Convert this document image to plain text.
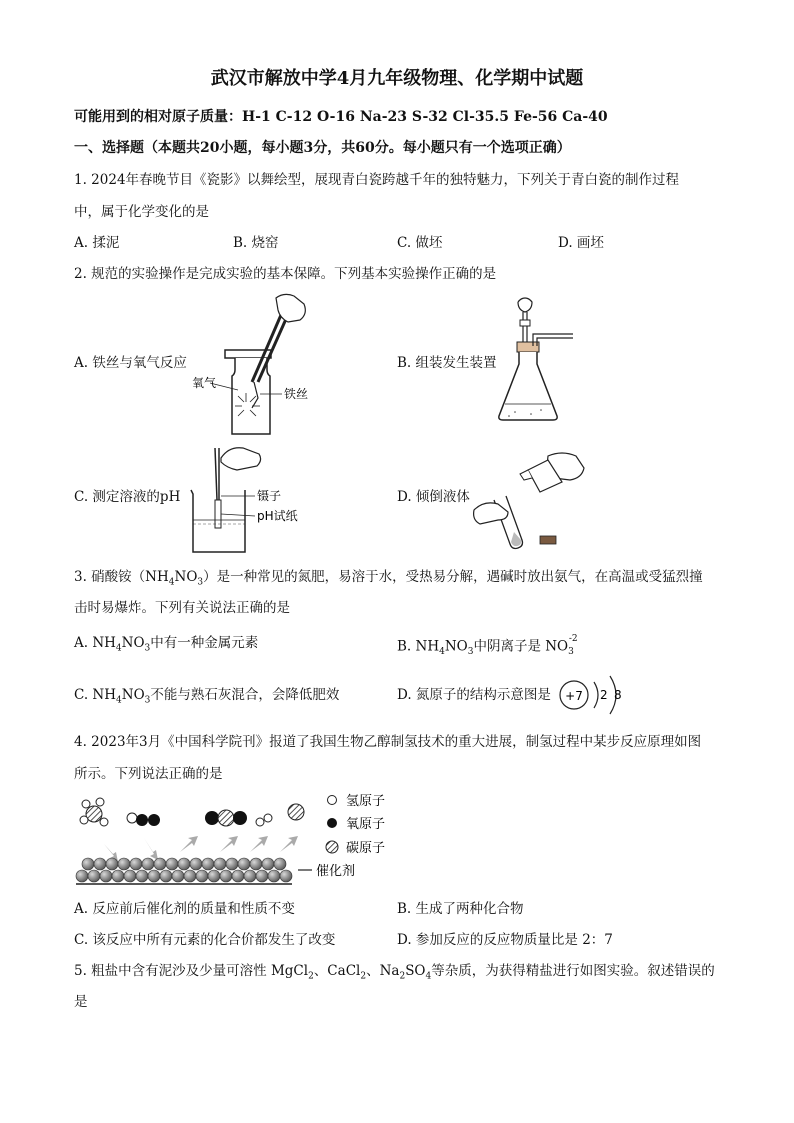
武汉市解放中学4月九年级物理、化学期中试题
可能用到的相对原子质量：H-1 C-12 O-16 Na-23 S-32 Cl-35.5 Fe-56 Ca-40
一、选择题（本题共20小题，每小题3分，共60分。每小题只有一个选项正确）
1. 2024年春晚节目《瓷影》以舞绘型，展现青白瓷跨越千年的独特魅力，下列关于青白瓷的制作过程
中，属于化学变化的是
A. 揉泥	B. 烧窑	C. 做坯	D. 画坯
2. 规范的实验操作是完成实验的基本保障。下列基本实验操作正确的是
A. 铁丝与氧气反应	B. 组装发生装置
C. 测定溶液的pH	D. 倾倒液体
氧气
铁丝
镊子
pH试纸
3. 硝酸铵$(NH_4NO_3)$是一种常见的氮肥，易溶于水，受热易分解，遇碱时放出氨气，在高温或受猛烈撞
击时易爆炸。下列有关说法正确的是
A. $NH_4NO_3$中有一种金属元素	B. $NH_4NO_3$中阴离子是 $NO_3^{-2}$
C. $NH_4NO_3$不能与熟石灰混合，会降低肥效	D. 氮原子的结构示意图是 +7 2 8
4. 2023年3月《中国科学院刊》报道了我国生物乙醇制氢技术的重大进展，制氢过程中某步反应原理如图
所示。下列说法正确的是
氢原子
氧原子
碳原子
催化剂
A. 反应前后催化剂的质量和性质不变	B. 生成了两种化合物
C. 该反应中所有元素的化合价都发生了改变	D. 参加反应的反应物质量比是 2：7
5. 粗盐中含有泥沙及少量可溶性 MgCl$_2$、CaCl$_2$、$Na_2SO_4$等杂质，为获得精盐进行如图实验。叙述错误的
是
